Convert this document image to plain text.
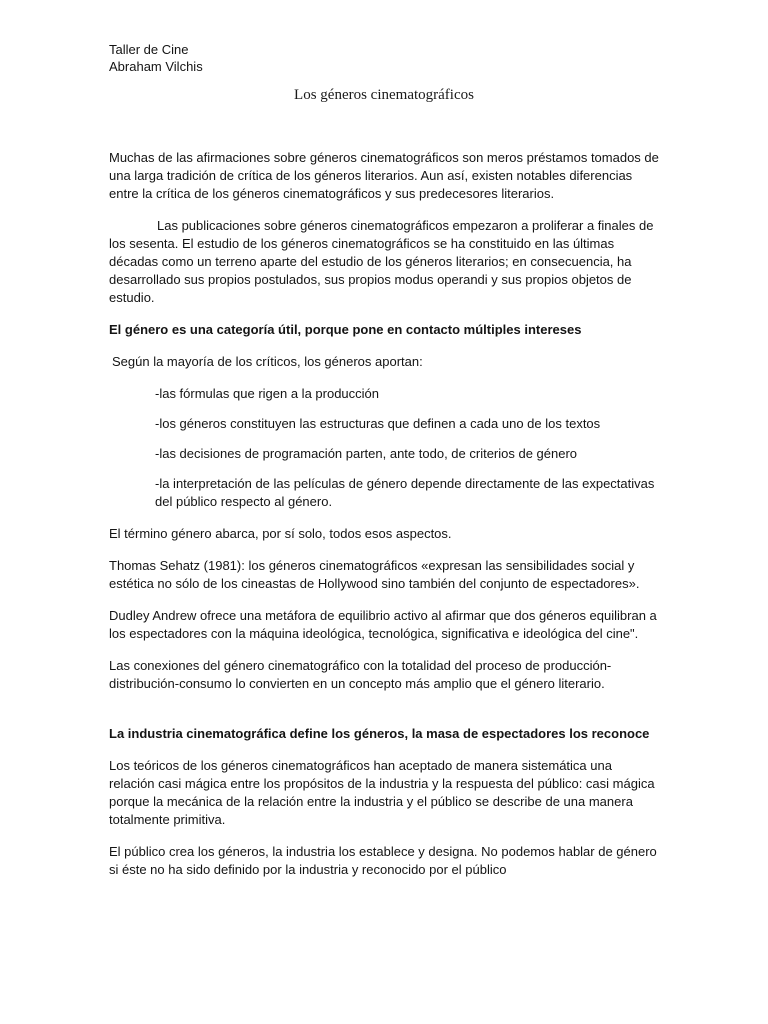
Taller de Cine
Abraham Vilchis
Los géneros cinematográficos

Muchas de las afirmaciones sobre géneros cinematográficos son meros préstamos tomados de una larga tradición de crítica de los géneros literarios. Aun así, existen notables diferencias entre la crítica de los géneros cinematográficos y sus predecesores literarios.

Las publicaciones sobre géneros cinematográficos empezaron a proliferar a finales de los sesenta. El estudio de los géneros cinematográficos se ha constituido en las últimas décadas como un terreno aparte del estudio de los géneros literarios; en consecuencia, ha desarrollado sus propios postulados, sus propios modus operandi y sus propios objetos de estudio.

El género es una categoría útil, porque pone en contacto múltiples intereses

Según la mayoría de los críticos, los géneros aportan:

-las fórmulas que rigen a la producción

-los géneros constituyen las estructuras que definen a cada uno de los textos

-las decisiones de programación parten, ante todo, de criterios de género

-la interpretación de las películas de género depende directamente de las expectativas del público respecto al género.

El término género abarca, por sí solo, todos esos aspectos.

Thomas Sehatz (1981): los géneros cinematográficos «expresan las sensibilidades social y estética no sólo de los cineastas de Hollywood sino también del conjunto de espectadores».

Dudley Andrew ofrece una metáfora de equilibrio activo al afirmar que dos géneros equilibran a los espectadores con la máquina ideológica, tecnológica, significativa e ideológica del cine".

Las conexiones del género cinematográfico con la totalidad del proceso de producción-distribución-consumo lo convierten en un concepto más amplio que el género literario.

La industria cinematográfica define los géneros, la masa de espectadores los reconoce

Los teóricos de los géneros cinematográficos han aceptado de manera sistemática una relación casi mágica entre los propósitos de la industria y la respuesta del público: casi mágica porque la mecánica de la relación entre la industria y el público se describe de una manera totalmente primitiva.

El público crea los géneros, la industria los establece y designa. No podemos hablar de género si éste no ha sido definido por la industria y reconocido por el público
